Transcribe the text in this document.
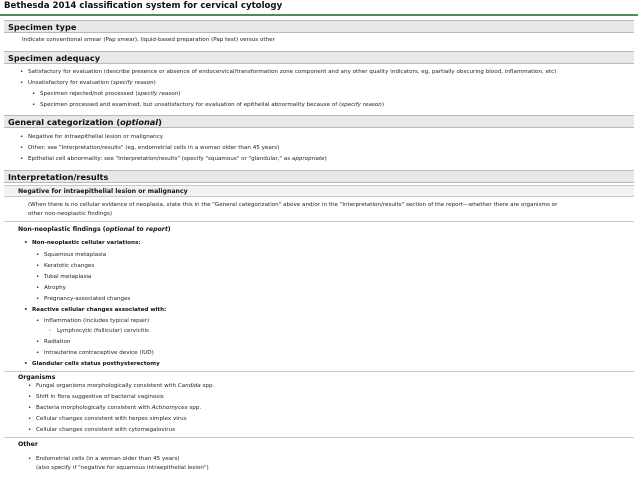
Bethesda 2014 classification system for cervical cytology
Specimen type
Indicate conventional smear (Pap smear), liquid-based preparation (Pap test) versus other
Specimen adequacy
• Satisfactory for evaluation (describe presence or absence of endocervical/transformation zone component and any other quality indicators, eg, partially obscuring blood, inflammation, etc)
• Unsatisfactory for evaluation (specify reason)
• Specimen rejected/not processed (specify reason)
• Specimen processed and examined, but unsatisfactory for evaluation of epithelial abnormality because of (specify reason)
General categorization (optional)
• Negative for intraepithelial lesion or malignancy
• Other: see "Interpretation/results" (eg, endometrial cells in a woman older than 45 years)
• Epithelial cell abnormality: see "Interpretation/results" (specify "squamous" or "glandular," as appropriate)
Interpretation/results
Negative for intraepithelial lesion or malignancy
(When there is no cellular evidence of neoplasia, state this in the "General categorization" above and/or in the "Interpretation/results" section of the report—whether there are organisms or
other non-neoplastic findings)
Non-neoplastic findings (optional to report)
• Non-neoplastic cellular variations:
• Squamous metaplasia
• Keratotic changes
• Tubal metaplasia
• Atrophy
• Pregnancy-associated changes
• Reactive cellular changes associated with:
• Inflammation (includes typical repair)
◦ Lymphocytic (follicular) cervicitis
• Radiation
• Intrauterine contraceptive device (IUD)
• Glandular cells status posthysterectomy
Organisms
• Fungal organisms morphologically consistent with Candida spp.
• Shift in flora suggestive of bacterial vaginosis
• Bacteria morphologically consistent with Actinomyces spp.
• Cellular changes consistent with herpes simplex virus
• Cellular changes consistent with cytomegalovirus
Other
• Endometrial cells (in a woman older than 45 years)
(also specify if "negative for squamous intraepithelial lesion")
